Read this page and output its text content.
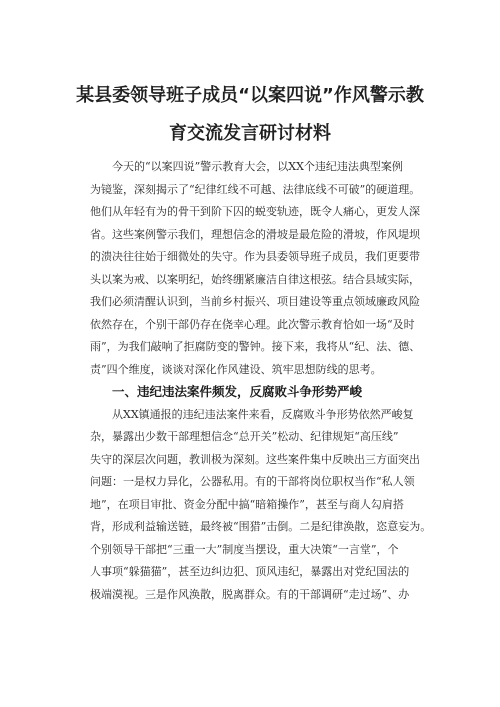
某县委领导班子成员“以案四说”作风警示教
育交流发言研讨材料

今天的“以案四说”警示教育大会，以XX个违纪违法典型案例

为镜鉴，深刻揭示了“纪律红线不可越、法律底线不可破”的硬道理。

他们从年轻有为的骨干到阶下囚的蜕变轨迹，既令人痛心，更发人深

省。这些案例警示我们，理想信念的滑坡是最危险的滑坡，作风堤坝

的溃决往往始于细微处的失守。作为县委领导班子成员，我们更要带

头以案为戒、以案明纪，始终绷紧廉洁自律这根弦。结合县域实际，

我们必须清醒认识到，当前乡村振兴、项目建设等重点领域廉政风险

依然存在，个别干部仍存在侥幸心理。此次警示教育恰如一场“及时

雨”，为我们敲响了拒腐防变的警钟。接下来，我将从“纪、法、德、

责”四个维度，谈谈对深化作风建设、筑牢思想防线的思考。

一、违纪违法案件频发，反腐败斗争形势严峻

从XX镇通报的违纪违法案件来看，反腐败斗争形势依然严峻复

杂，暴露出少数干部理想信念“总开关”松动、纪律规矩“高压线”

失守的深层次问题，教训极为深刻。这些案件集中反映出三方面突出

问题：一是权力异化，公器私用。有的干部将岗位职权当作“私人领

地”，在项目审批、资金分配中搞“暗箱操作”，甚至与商人勾肩搭

背，形成利益输送链，最终被“围猎”击倒。二是纪律涣散，恣意妄为。

个别领导干部把“三重一大”制度当摆设，重大决策“一言堂”，个

人事项“躲猫猫”，甚至边纠边犯、顶风违纪，暴露出对党纪国法的

极端漠视。三是作风涣散，脱离群众。有的干部调研“走过场”、办
